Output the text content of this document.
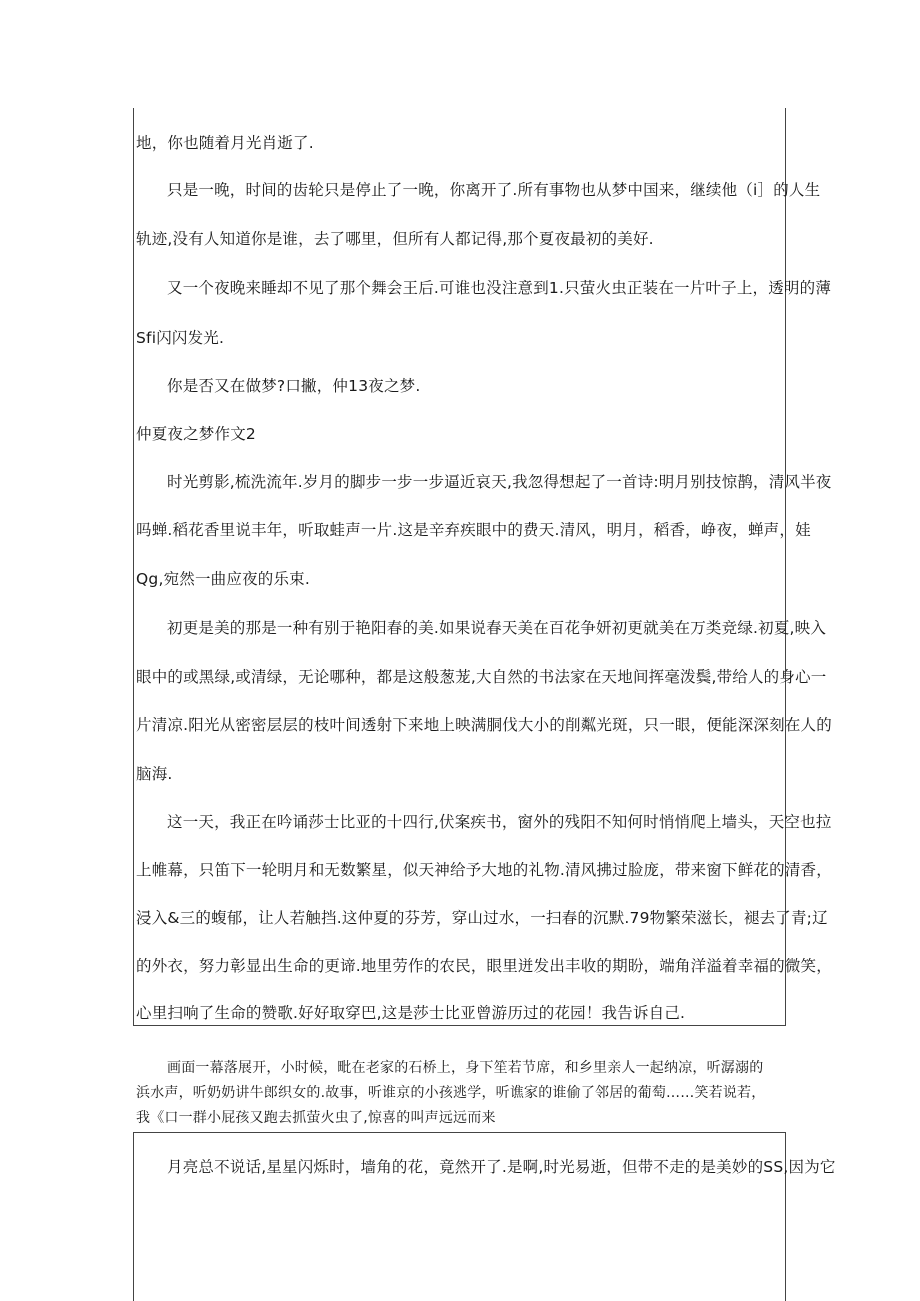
地，你也随着月光肖逝了.
只是一晚，时间的齿轮只是停止了一晚，你离开了.所有事物也从梦中国来，继续他（i］的人生
轨迹,没有人知道你是谁，去了哪里，但所有人都记得,那个夏夜最初的美好.
又一个夜晚来睡却不见了那个舞会王后.可谁也没注意到1.只萤火虫正装在一片叶子上，透明的薄
Sfi闪闪发光.
你是否又在做梦?口撇，仲13夜之梦.
仲夏夜之梦作文2
时光剪影,梳洗流年.岁月的脚步一步一步逼近哀天,我忽得想起了一首诗:明月别技惊鹊，清风半夜
吗蝉.稻花香里说丰年，听取蛙声一片.这是辛弃疾眼中的费天.清风，明月，稻香，峥夜，蝉声，娃
Qg,宛然一曲应夜的乐束.
初更是美的那是一种有别于艳阳春的美.如果说春天美在百花争妍初更就美在万类竞绿.初夏,映入
眼中的或黑绿,或清绿，无论哪种，都是这般葱茏,大自然的书法家在天地间挥毫泼鬓,带给人的身心一
片清凉.阳光从密密层层的枝叶间透射下来地上映满胴伐大小的削粼光斑，只一眼，便能深深刻在人的
脑海.
这一天，我正在吟诵莎士比亚的十四行,伏案疾书，窗外的残阳不知何时悄悄爬上墙头，天空也拉
上帷幕，只笛下一轮明月和无数繁星，似天神给予大地的礼物.清风拂过脸庞，带来窗下鲜花的清香，
浸入&三的蝮郁，让人若触挡.这仲夏的芬芳，穿山过水，一扫春的沉默.79物繁荣滋长，褪去了青;辽
的外衣，努力彰显出生命的更谛.地里劳作的农民，眼里迸发出丰收的期盼，端角洋溢着幸福的微笑，
心里扫响了生命的赞歌.好好取穿巴,这是莎士比亚曾游历过的花园！我告诉自己.
画面一幕落展开，小时候，毗在老家的石桥上，身下笙若节席，和乡里亲人一起纳凉，听潺溺的
浜水声，听奶奶讲牛郎织女的.故事，听谁京的小孩逃学，听谯家的谁偷了邻居的葡萄……笑若说若，
我《口一群小屁孩又跑去抓萤火虫了,惊喜的叫声远远而来
月亮总不说话,星星闪烁时，墙角的花，竟然开了.是啊,时光易逝，但带不走的是美妙的SS,因为它
